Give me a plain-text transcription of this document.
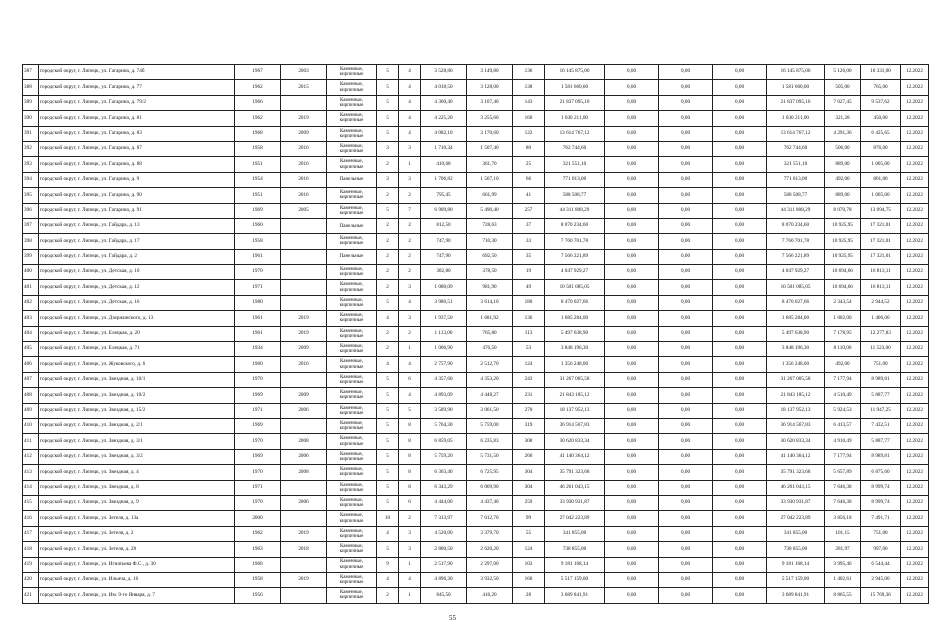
387	городской округ, г. Липецк, ул. Гагарина, д. 74б	1967	2003	Каменные, кирпичные	5	4	3 528,80	3 149,80	136	16 145 875,00	0,00	0,00	0,00	16 145 875,00	5 126,00	10 331,00	12.2022
388	городской округ, г. Липецк, ул. Гагарина, д. 77	1962	2015	Каменные, кирпичные	5	4	4 018,50	3 128,00	138	1 581 660,00	0,00	0,00	0,00	1 581 660,00	505,00	765,00	12.2022
389	городской округ, г. Липецк, ул. Гагарина, д. 79/2	1966		Каменные, кирпичные	5	4	4 360,40	3 107,40	143	21 837 095,10	0,00	0,00	0,00	21 837 095,10	7 027,45	9 537,62	12.2022
390	городской округ, г. Липецк, ул. Гагарина, д. 81	1962	2019	Каменные, кирпичные	5	4	4 225,20	3 255,60	160	1 030 211,00	0,00	0,00	0,00	1 030 211,00	321,28	450,00	12.2022
391	городской округ, г. Липецк, ул. Гагарина, д. 83	1968	2009	Каменные, кирпичные	5	4	4 082,10	3 170,60	122	13 614 767,12	0,00	0,00	0,00	13 614 767,12	4 291,36	6 425,65	12.2022
392	городской округ, г. Липецк, ул. Гагарина, д. 87	1958	2016	Каменные, кирпичные	3	3	1 710,34	1 507,40	80	762 744,60	0,00	0,00	0,00	762 744,60	506,00	876,00	12.2022
393	городской округ, г. Липецк, ул. Гагарина, д. 88	1951	2016	Каменные, кирпичные	2	1	410,68	361,70	25	321 551,10	0,00	0,00	0,00	321 551,10	889,00	1 005,00	12.2022
394	городской округ, г. Липецк, ул. Гагарина, д. 9	1954	2016	Панельные	3	3	1 706,82	1 567,10	66	771 013,00	0,00	0,00	0,00	771 013,00	492,00	801,00	12.2022
395	городской округ, г. Липецк, ул. Гагарина, д. 90	1951	2016	Каменные, кирпичные	2	2	795,45	661,99	41	588 508,77	0,00	0,00	0,00	588 508,77	889,00	1 005,00	12.2022
396	городской округ, г. Липецк, ул. Гагарина, д. 91	1969	2005	Каменные, кирпичные	5	7	6 909,80	5 490,40	257	44 311 808,29	0,00	0,00	0,00	44 311 808,29	8 070,78	13 094,75	12.2022
397	городской округ, г. Липецк, ул. Гайдара, д. 13	1960		Панельные	2	2	812,50	728,63	37	8 070 234,60	0,00	0,00	0,00	8 070 234,60	10 925,95	17 321,01	12.2022
398	городской округ, г. Липецк, ул. Гайдара, д. 17	1958		Каменные, кирпичные	2	2	747,90	710,30	33	7 760 701,78	0,00	0,00	0,00	7 760 701,78	10 925,95	17 321,01	12.2022
399	городской округ, г. Липецк, ул. Гайдара, д. 2	1961		Панельные	2	2	747,90	692,50	35	7 566 221,89	0,00	0,00	0,00	7 566 221,89	10 925,95	17 321,01	12.2022
400	городской округ, г. Липецк, ул. Детская, д. 10	1970		Каменные, кирпичные	2	2	382,80	378,50	19	4 047 929,27	0,00	0,00	0,00	4 047 929,27	10 694,66	16 813,11	12.2022
401	городской округ, г. Липецк, ул. Детская, д. 12	1971		Каменные, кирпичные	2	3	1 080,09	981,90	49	10 501 085,05	0,00	0,00	0,00	10 501 085,05	10 694,66	16 813,11	12.2022
402	городской округ, г. Липецк, ул. Детская, д. 16	1980		Каменные, кирпичные	5	4	3 986,51	3 614,10	180	8 470 027,66	0,00	0,00	0,00	8 470 027,66	2 343,54	2 944,52	12.2022
403	городской округ, г. Липецк, ул. Дзержинского, д. 13	1961	2019	Каменные, кирпичные	4	3	1 937,50	1 681,92	136	1 685 284,00	0,00	0,00	0,00	1 685 284,00	1 002,00	1 406,00	12.2022
404	городской округ, г. Липецк, ул. Елецкая, д. 20	1961	2019	Каменные, кирпичные	2	2	1 113,00	765,80	113	5 497 638,90	0,00	0,00	0,00	5 497 638,90	7 178,95	12 277,83	12.2022
405	городской округ, г. Липецк, ул. Елецкая, д. 71	1934	2009	Каменные, кирпичные	2	1	1 006,90	476,50	53	3 848 196,30	0,00	0,00	0,00	3 848 196,30	8 110,00	11 523,00	12.2022
406	городской округ, г. Липецк, ул. Жуковского, д. 6	1960	2016	Каменные, кирпичные	4	4	2 757,90	2 512,70	124	1 356 248,00	0,00	0,00	0,00	1 356 248,00	492,00	751,00	12.2022
407	городской округ, г. Липецк, ул. Звездная, д. 10/1	1970		Каменные, кирпичные	5	6	4 357,60	4 353,20	243	31 267 005,58	0,00	0,00	0,00	31 267 005,58	7 177,94	8 989,81	12.2022
408	городской округ, г. Липецк, ул. Звездная, д. 10/2	1969	2009	Каменные, кирпичные	5	4	4 893,09	4 448,27	231	21 843 185,12	0,00	0,00	0,00	21 843 185,12	4 510,49	5 887,77	12.2022
409	городской округ, г. Липецк, ул. Звездная, д. 15/2	1971	2006	Каменные, кирпичные	5	5	3 589,90	3 061,50	270	18 137 952,13	0,00	0,00	0,00	18 137 952,13	5 924,53	11 947,25	12.2022
410	городской округ, г. Липецк, ул. Звездная, д. 2/1	1969		Каменные, кирпичные	5	8	5 764,30	5 759,00	319	36 914 567,83	0,00	0,00	0,00	36 914 567,83	6 413,57	7 432,51	12.2022
411	городской округ, г. Липецк, ул. Звездная, д. 3/1	1970	2008	Каменные, кирпичные	5	8	6 859,05	6 235,83	308	30 620 833,34	0,00	0,00	0,00	30 620 833,34	4 910,49	5 887,77	12.2022
412	городской округ, г. Липецк, ул. Звездная, д. 3/2	1969	2006	Каменные, кирпичные	5	8	5 759,20	5 731,50	260	41 140 364,12	0,00	0,00	0,00	41 140 364,12	7 177,94	8 989,81	12.2022
413	городской округ, г. Липецк, ул. Звездная, д. 4	1970	2008	Каменные, кирпичные	5	8	6 363,40	6 725,95	304	35 791 323,68	0,00	0,00	0,00	35 791 323,68	5 657,89	6 875,60	12.2022
414	городской округ, г. Липецк, ул. Звездная, д. 8	1971		Каменные, кирпичные	5	8	6 343,29	6 069,90	304	46 261 043,15	0,00	0,00	0,00	46 261 043,15	7 646,38	8 999,74	12.2022
415	городской округ, г. Липецк, ул. Звездная, д. 9	1970	2006	Каменные, кирпичные	5	6	4 444,00	4 437,40	259	33 930 931,87	0,00	0,00	0,00	33 930 931,87	7 646,38	8 999,74	12.2022
416	городской округ, г. Липецк, ул. Зегеля, д. 13а	2000		Каменные, кирпичные	10	2	7 313,97	7 012,70	99	27 042 223,89	0,00	0,00	0,00	27 042 223,89	3 856,18	7 491,71	12.2022
417	городской округ, г. Липецк, ул. Зегеля, д. 2	1962	2019	Каменные, кирпичные	4	3	4 520,00	3 379,70	55	341 855,00	0,00	0,00	0,00	341 855,00	101,15	751,00	12.2022
418	городской округ, г. Липецк, ул. Зегеля, д. 28	1963	2018	Каменные, кирпичные	5	3	2 800,50	2 620,20	124	738 855,00	0,00	0,00	0,00	738 855,00	281,97	997,00	12.2022
419	городской округ, г. Липецк, ул. Игнатьева Ф.С., д. 30	1968		Каменные, кирпичные	9	1	2 517,90	2 297,00	103	9 181 168,14	0,00	0,00	0,00	9 181 168,14	3 995,46	6 544,44	12.2022
420	городской округ, г. Липецк, ул. Ильича, д. 16	1958	2019	Каменные, кирпичные	4	4	4 896,30	3 932,50	160	5 517 159,00	0,00	0,00	0,00	5 517 159,00	1 402,61	2 945,00	12.2022
421	городской округ, г. Липецк, ул. Им. 9-го Января, д. 7	1956		Каменные, кирпичные	2	1	845,50	416,20	28	3 689 841,91	0,00	0,00	0,00	3 689 841,91	8 865,55	15 769,36	12.2022
55
